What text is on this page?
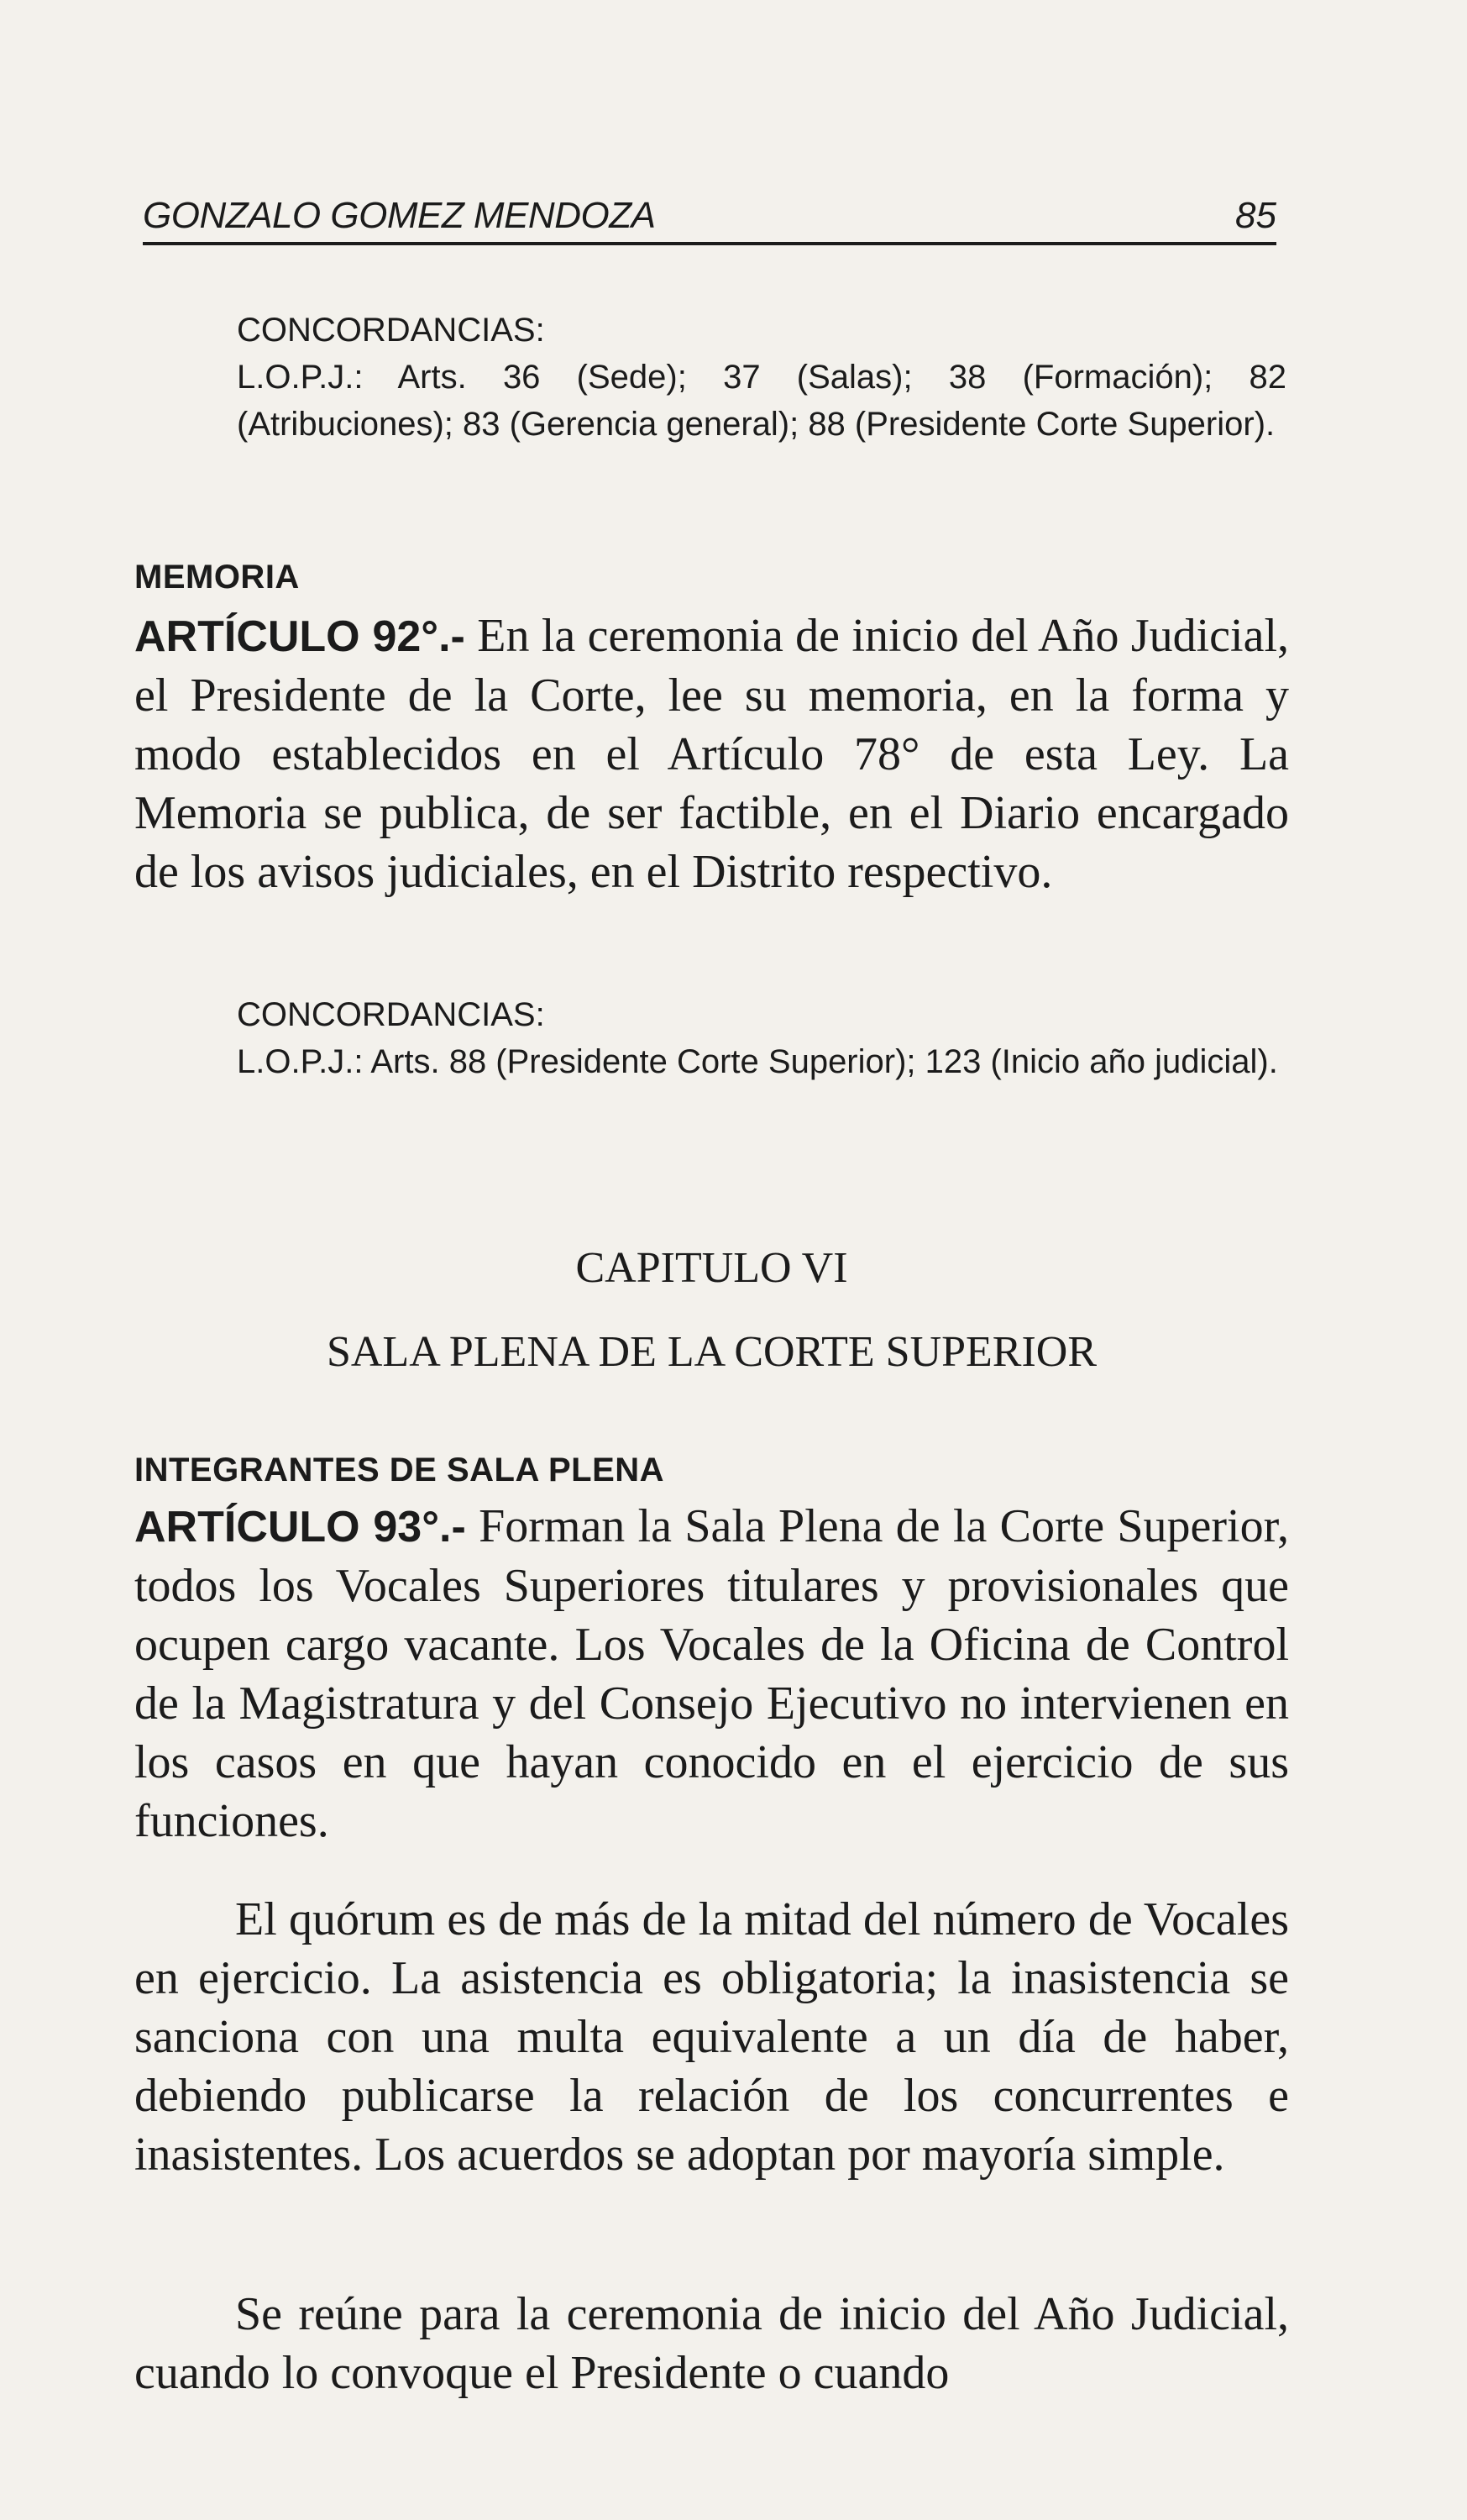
GONZALO GOMEZ MENDOZA	85

CONCORDANCIAS:

L.O.P.J.: Arts. 36 (Sede); 37 (Salas); 38 (Formación); 82 (Atribuciones); 83 (Gerencia general); 88 (Presidente Corte Superior).

MEMORIA

ARTÍCULO 92°.- En la ceremonia de inicio del Año Judicial, el Presidente de la Corte, lee su memoria, en la forma y modo establecidos en el Artículo 78° de esta Ley. La Memoria se publica, de ser factible, en el Diario encargado de los avisos judiciales, en el Distrito respectivo.

CONCORDANCIAS:

L.O.P.J.: Arts. 88 (Presidente Corte Superior); 123 (Inicio año judicial).

CAPITULO VI
SALA PLENA DE LA CORTE SUPERIOR
INTEGRANTES DE SALA PLENA

ARTÍCULO 93°.- Forman la Sala Plena de la Corte Superior, todos los Vocales Superiores titulares y provisionales que ocupen cargo vacante. Los Vocales de la Oficina de Control de la Magistratura y del Consejo Ejecutivo no intervienen en los casos en que hayan conocido en el ejercicio de sus funciones.

El quórum es de más de la mitad del número de Vocales en ejercicio. La asistencia es obligatoria; la inasistencia se sanciona con una multa equivalente a un día de haber, debiendo publicarse la relación de los concurrentes e inasistentes. Los acuerdos se adoptan por mayoría simple.

Se reúne para la ceremonia de inicio del Año Judicial, cuando lo convoque el Presidente o cuando
